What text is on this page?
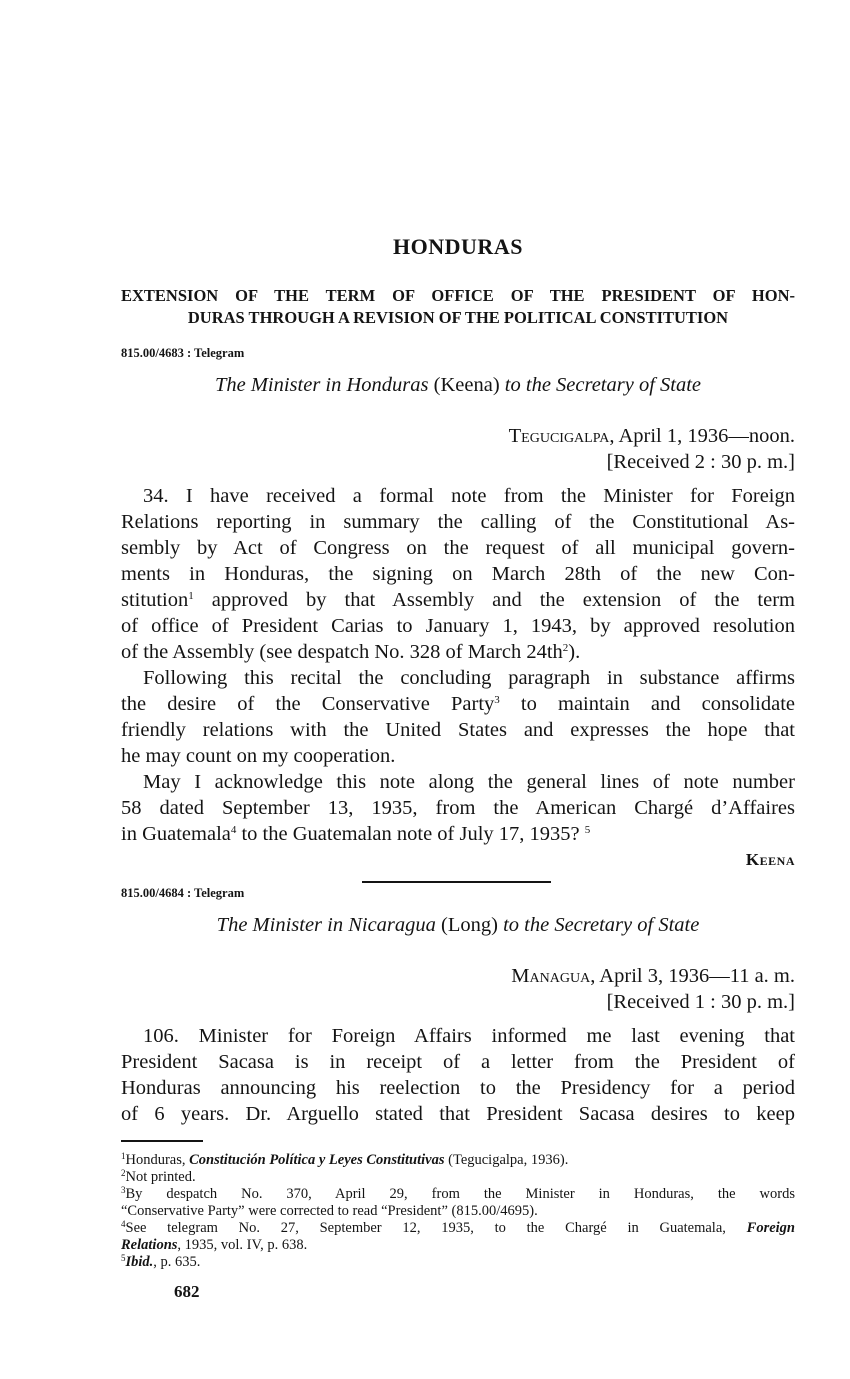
HONDURAS
EXTENSION OF THE TERM OF OFFICE OF THE PRESIDENT OF HON-
DURAS THROUGH A REVISION OF THE POLITICAL CONSTITUTION
815.00/4683 : Telegram
The Minister in Honduras (Keena) to the Secretary of State
Tegucigalpa, April 1, 1936—noon.
[Received 2 : 30 p. m.]
34. I have received a formal note from the Minister for Foreign
Relations reporting in summary the calling of the Constitutional As-
sembly by Act of Congress on the request of all municipal govern-
ments in Honduras, the signing on March 28th of the new Con-
stitution$^1$ approved by that Assembly and the extension of the term
of office of President Carias to January 1, 1943, by approved resolution
of the Assembly (see despatch No. 328 of March $24th^2$).
Following this recital the concluding paragraph in substance affirms
the desire of the Conservative Party$^3$ to maintain and consolidate
friendly relations with the United States and expresses the hope that
he may count on my cooperation.
May I acknowledge this note along the general lines of note number
58 dated September 13, 1935, from the American Chargé d’Affaires
in Guatemala$^4$ to the Guatemalan note of July 17, 1935? $^5$
Keena
815.00/4684 : Telegram
The Minister in Nicaragua (Long) to the Secretary of State
Managua, April 3, 1936—11 a. m.
[Received 1 : 30 p. m.]
106. Minister for Foreign Affairs informed me last evening that
President Sacasa is in receipt of a letter from the President of
Honduras announcing his reelection to the Presidency for a period
of 6 years. Dr. Arguello stated that President Sacasa desires to keep
$^1$Honduras, Constitución Política y Leyes Constitutivas (Tegucigalpa, 1936).
$^2$Not printed.
$^3$By despatch No. 370, April 29, from the Minister in Honduras, the words
“Conservative Party” were corrected to read “President” (815.00/4695).
$^4$See telegram No. 27, September 12, 1935, to the Chargé in Guatemala, Foreign
Relations, 1935, vol. IV, p. 638.
$^5$Ibid., p. 635.
682
